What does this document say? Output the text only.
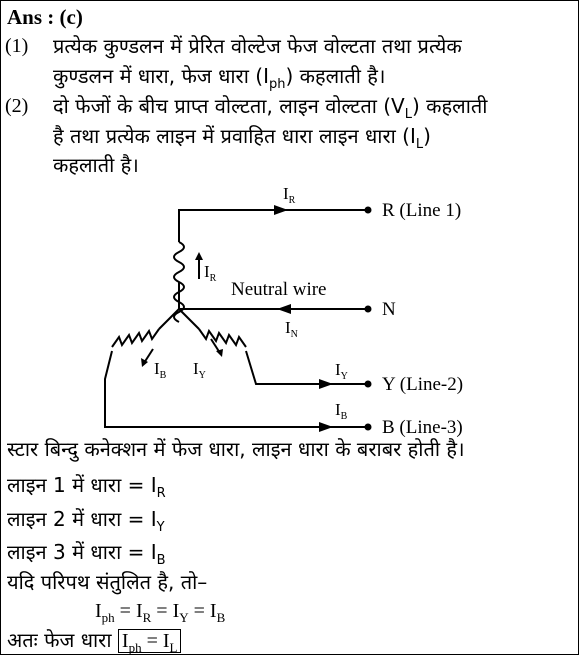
Ans : (c)
(1) प्रत्येक कुण्डलन में प्रेरित वोल्टेज फेज वोल्टता तथा प्रत्येक
कुण्डलन में धारा, फेज धारा $(I_{ph})$ कहलाती है।
(2) दो फेजों के बीच प्राप्त वोल्टता, लाइन वोल्टता $(V_L)$ कहलाती
है तथा प्रत्येक लाइन में प्रवाहित धारा लाइन धारा $(I_L)$
कहलाती है।
$I_R$	R (Line 1)
$I_R$
Neutral wire
N
$I_N$
$I_B$ $I_Y$	$I_Y$ Y (Line-2)
$I_B$
B (Line-3)
स्टार बिन्दु कनेक्शन में फेज धारा, लाइन धारा के बराबर होती है।
लाइन 1 में धारा = $I_R$
लाइन 2 में धारा = $I_Y$
लाइन 3 में धारा = $I_B$
यदि परिपथ संतुलित है, तो–
$I_{ph} = I_R = I_Y = I_B$
अतः फेज धारा $I_{ph} = I_L$
